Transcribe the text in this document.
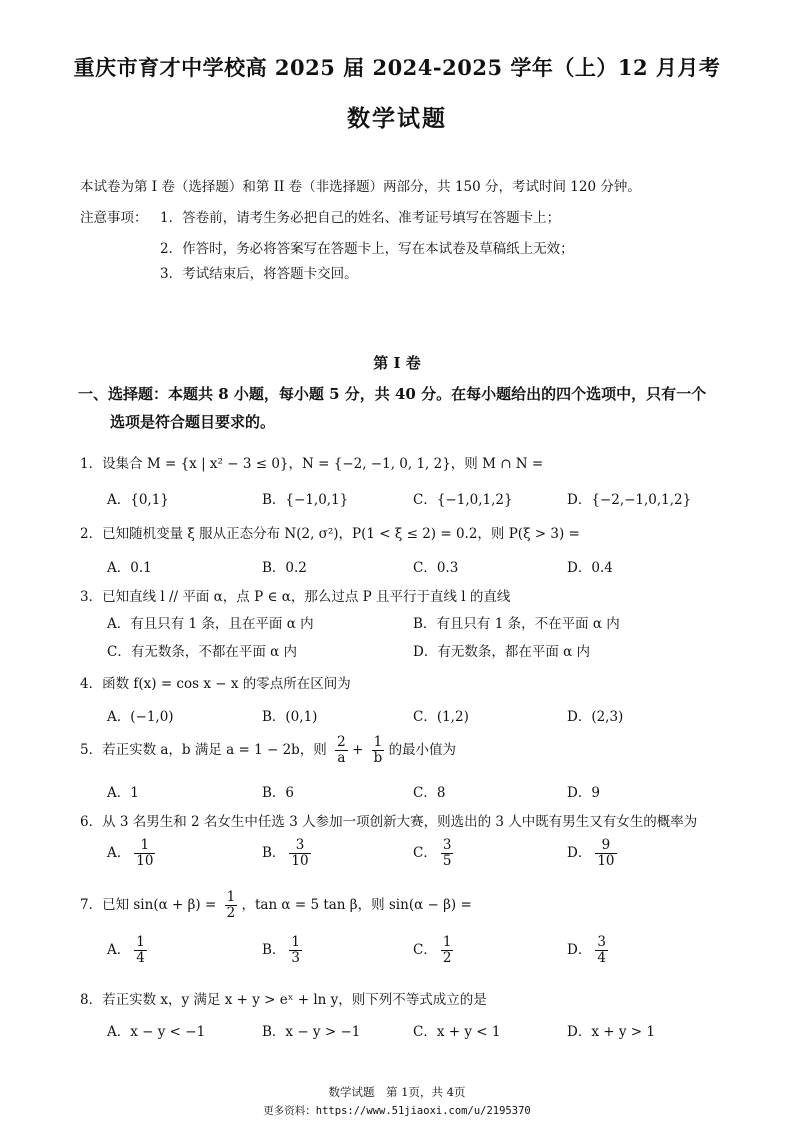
重庆市育才中学校高 2025 届 2024-2025 学年（上）12 月月考
数学试题
本试卷为第 I 卷（选择题）和第 II 卷（非选择题）两部分，共 150 分，考试时间 120 分钟。
注意事项： 1．答卷前，请考生务必把自己的姓名、准考证号填写在答题卡上；
2．作答时，务必将答案写在答题卡上，写在本试卷及草稿纸上无效；
3．考试结束后，将答题卡交回。
第 I 卷
一、选择题：本题共 8 小题，每小题 5 分，共 40 分。在每小题给出的四个选项中，只有一个
选项是符合题目要求的。
1．设集合 M = {x | x² − 3 ≤ 0}，N = {−2, −1, 0, 1, 2}，则 M ∩ N =
A．{0,1}	B．{−1,0,1}	C．{−1,0,1,2}	D．{−2,−1,0,1,2}
2．已知随机变量 ξ 服从正态分布 N(2, σ²)，P(1 < ξ ≤ 2) = 0.2，则 P(ξ > 3) =
A．0.1	B．0.2	C．0.3	D．0.4
3．已知直线 l // 平面 α，点 P ∈ α，那么过点 P 且平行于直线 l 的直线
A．有且只有 1 条，且在平面 α 内	B．有且只有 1 条，不在平面 α 内
C．有无数条，不都在平面 α 内	D．有无数条，都在平面 α 内
4．函数 f(x) = cos x − x 的零点所在区间为
A．(−1,0)	B．(0,1)	C．(1,2)	D．(2,3)
5．若正实数 a，b 满足 a = 1 − 2b，则 $\frac{2}{a} + \frac{1}{b}$ 的最小值为
A．1	B．6	C．8	D．9
6．从 3 名男生和 2 名女生中任选 3 人参加一项创新大赛，则选出的 3 人中既有男生又有女生的概率为
A． $\frac{1}{10}$	B． $\frac{3}{10}$	C． $\frac{3}{5}$	D． $\frac{9}{10}$
7．已知 $\sin(\alpha + \beta) = \frac{1}{2}$ ，tan α = 5 tan β，则 sin(α − β) =
A． $\frac{1}{4}$	B． $\frac{1}{3}$	C． $\frac{1}{2}$	D． $\frac{3}{4}$
8．若正实数 x，y 满足 x + y > eˣ + ln y，则下列不等式成立的是
A．x − y < −1	B．x − y > −1	C．x + y < 1	D．x + y > 1
数学试题　第 1页，共 4页
更多资料：https://www.51jiaoxi.com/u/2195370
